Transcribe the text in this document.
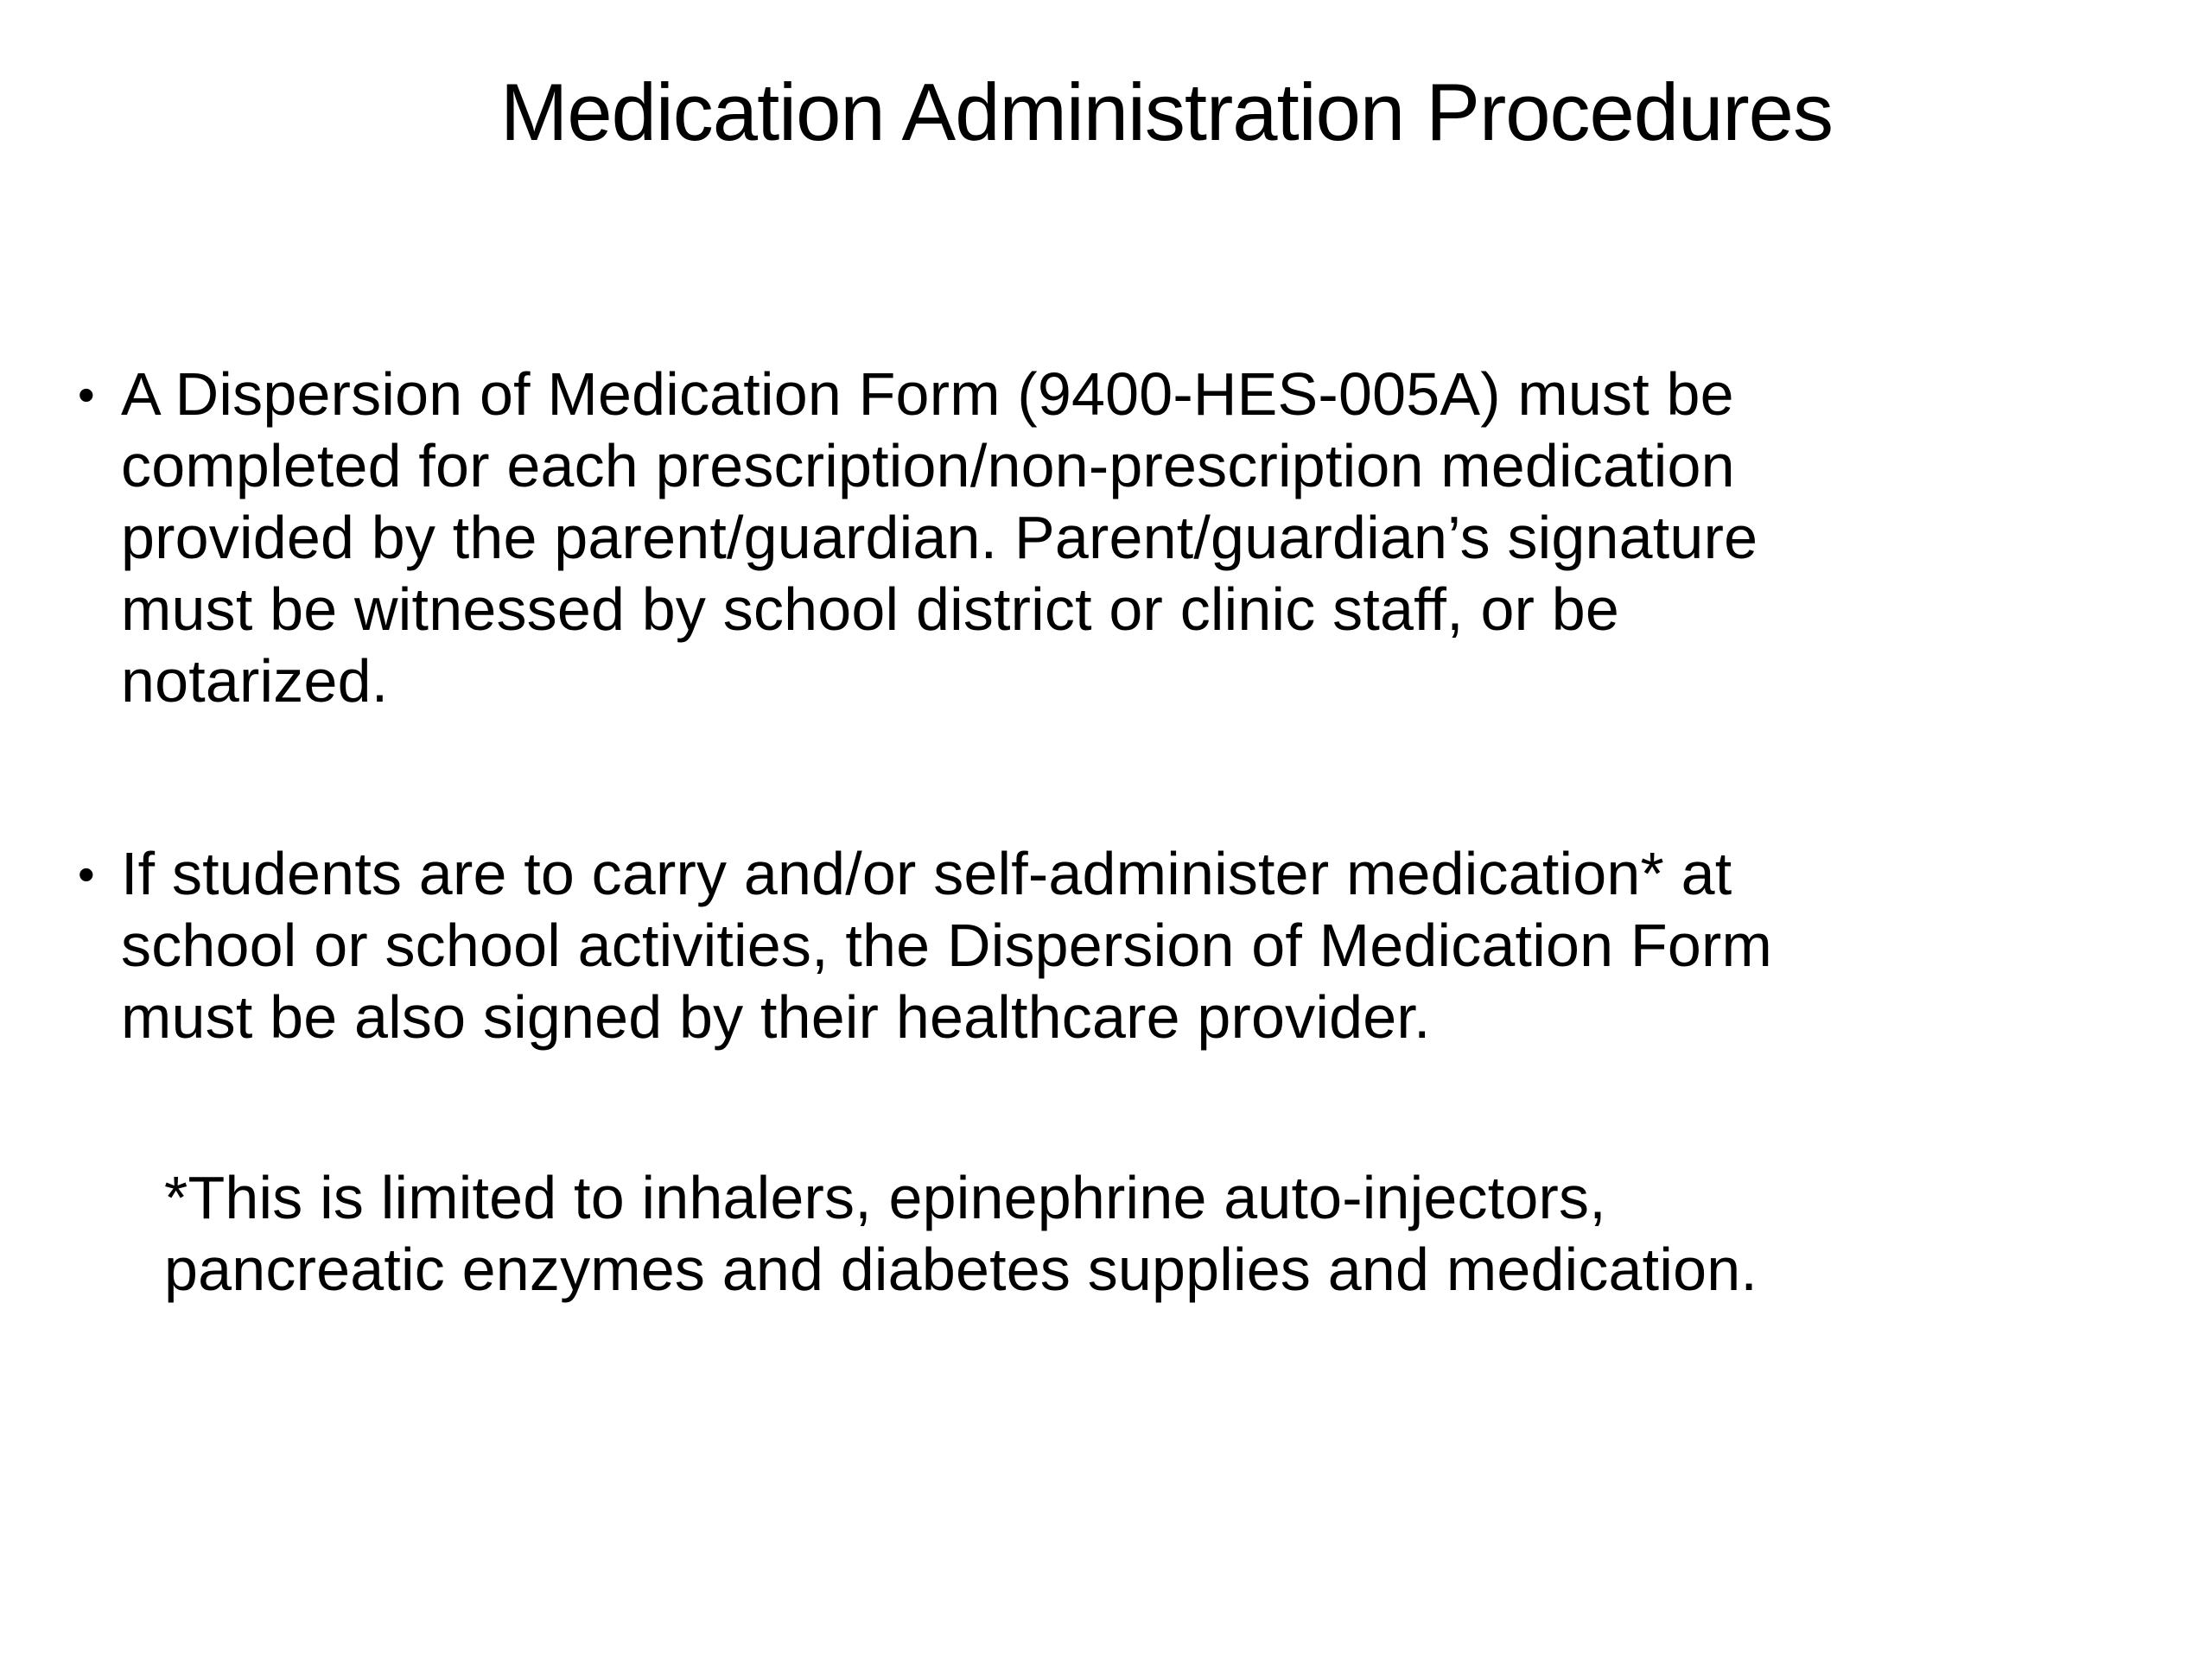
Medication Administration Procedures
• A Dispersion of Medication Form (9400-HES-005A) must be
completed for each prescription/non-prescription medication
provided by the parent/guardian. Parent/guardian’s signature
must be witnessed by school district or clinic staff, or be
notarized.
• If students are to carry and/or self-administer medication* at
school or school activities, the Dispersion of Medication Form
must be also signed by their healthcare provider.

*This is limited to inhalers, epinephrine auto-injectors,
pancreatic enzymes and diabetes supplies and medication.
